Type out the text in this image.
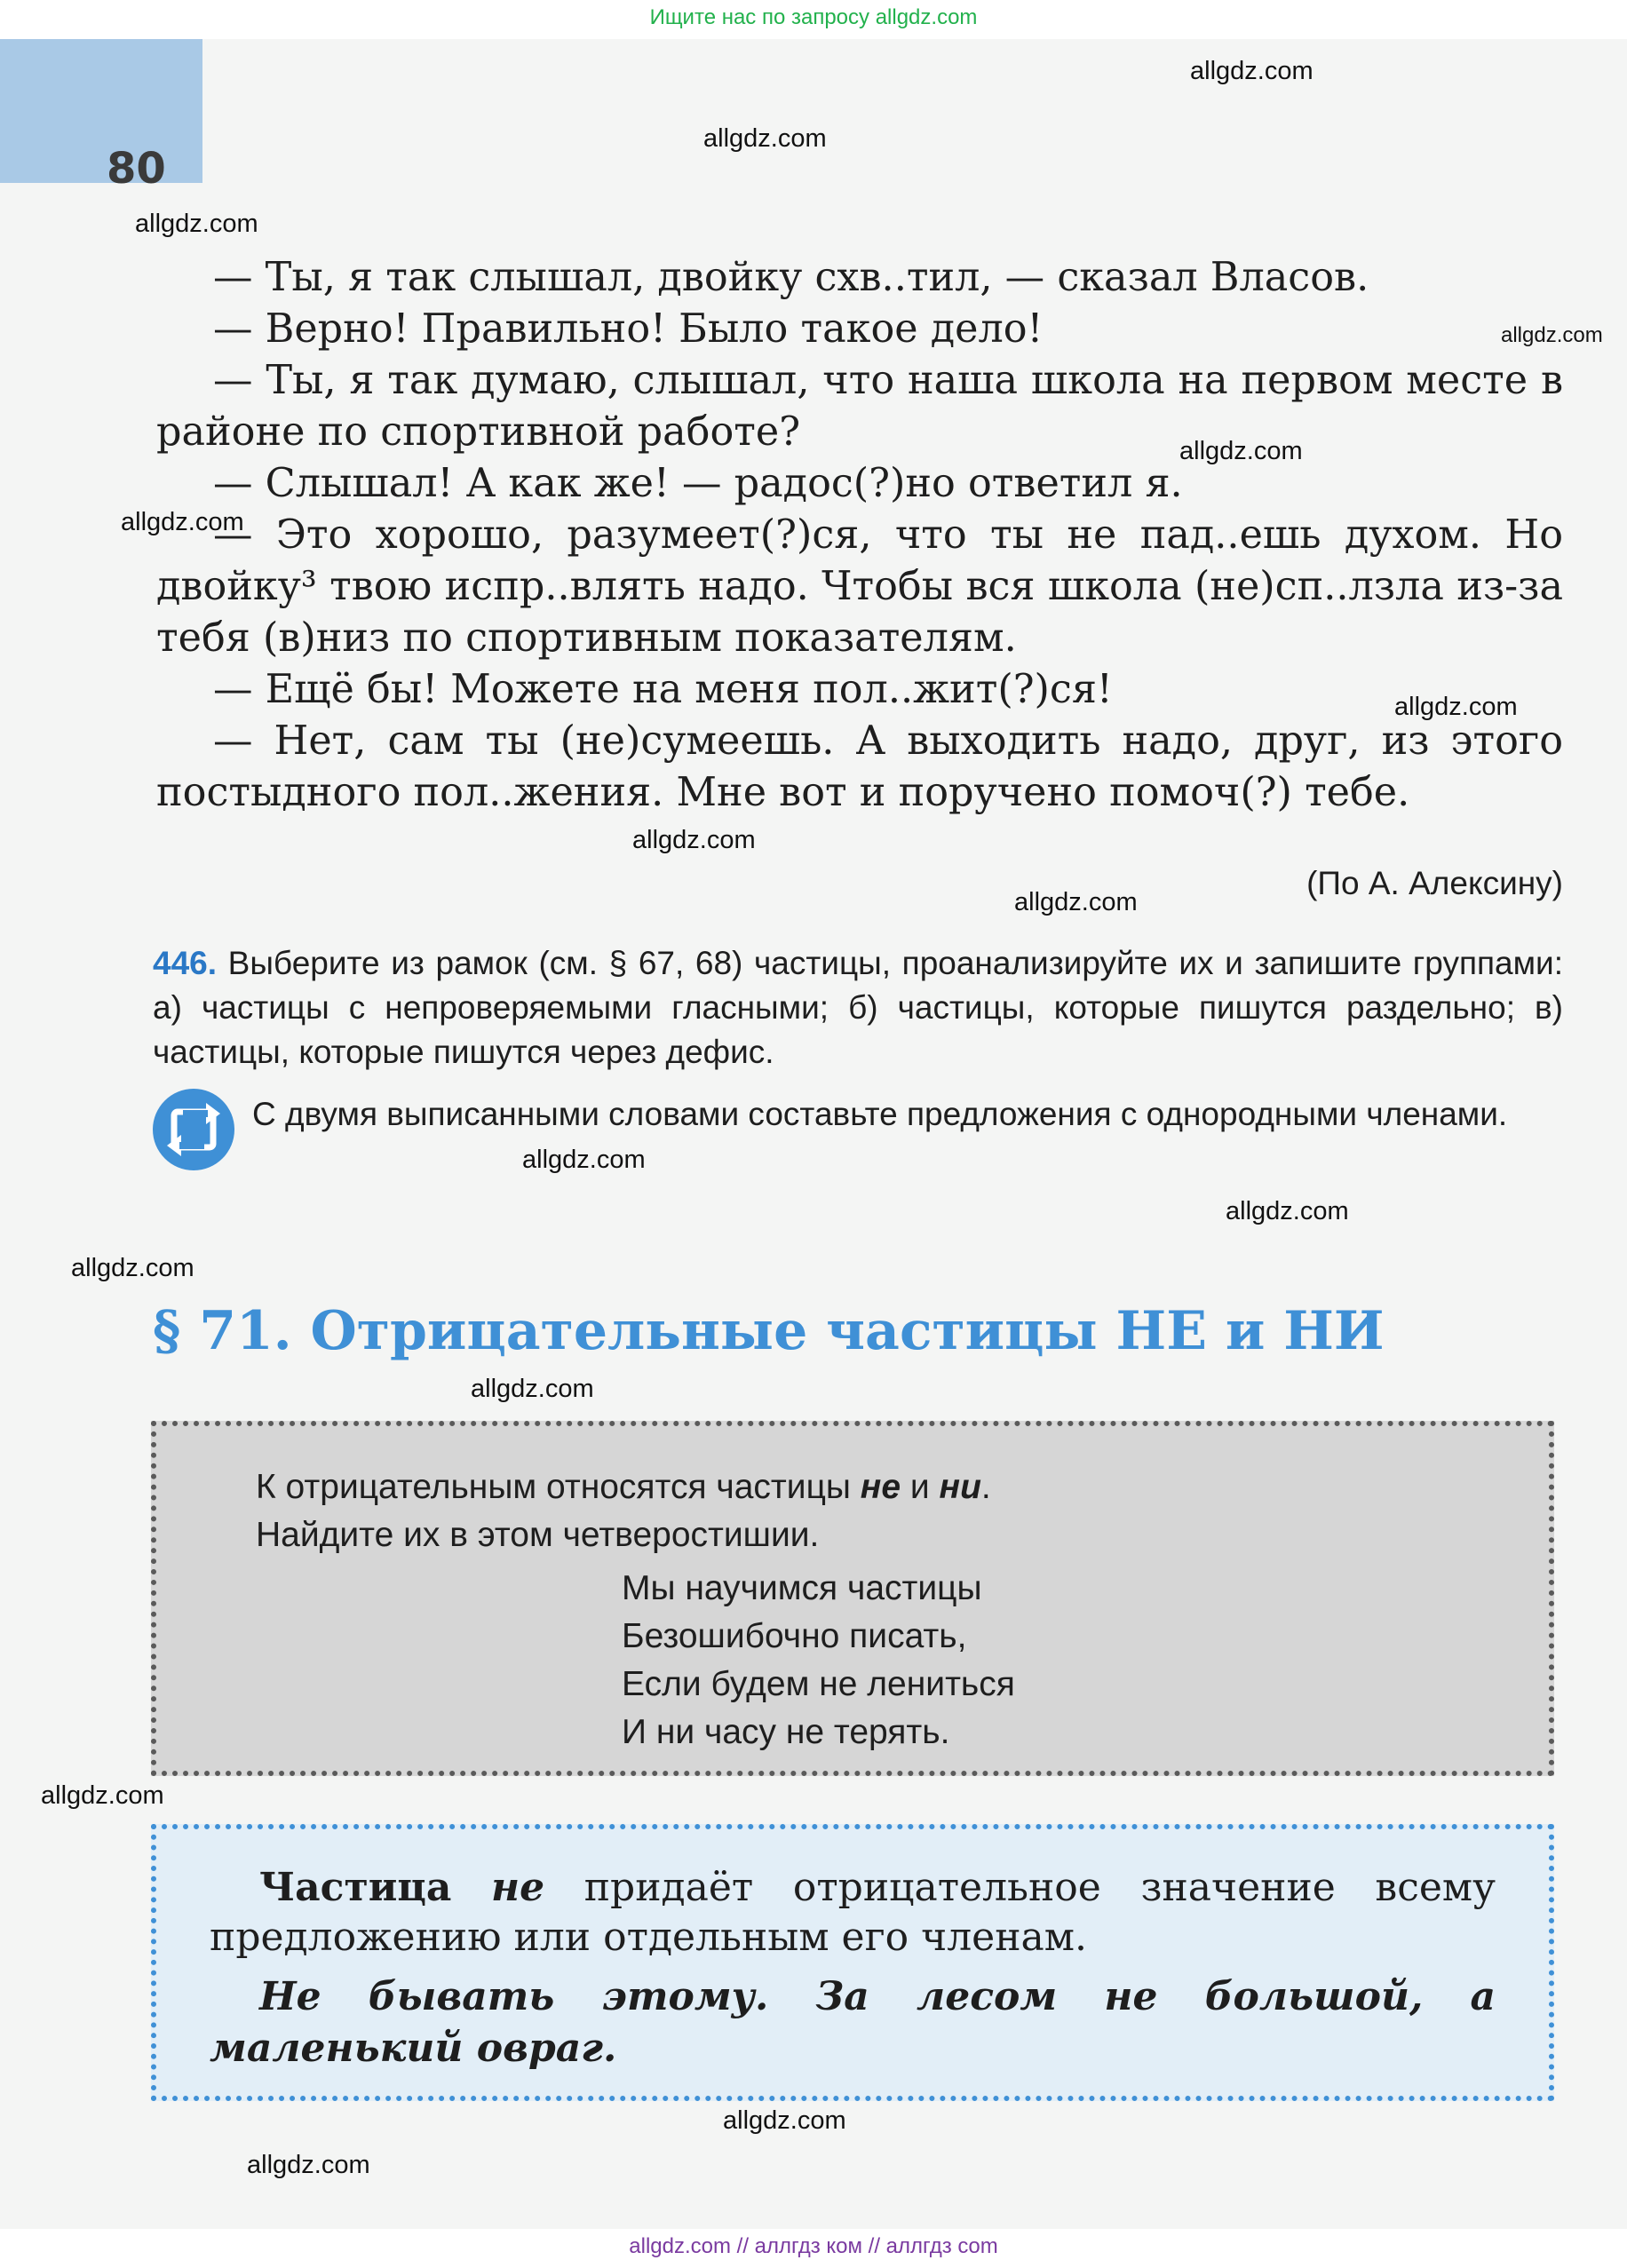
Ищите нас по запросу allgdz.com
80
allgdz.com
allgdz.com
allgdz.com
allgdz.com
allgdz.com
allgdz.com
allgdz.com
allgdz.com
allgdz.com
allgdz.com
allgdz.com
allgdz.com
allgdz.com
allgdz.com
allgdz.com
allgdz.com

— Ты, я так слышал, двойку схв..тил, — сказал Власов.

— Верно! Правильно! Было такое дело!

— Ты, я так думаю, слышал, что наша школа на первом месте в районе по спортивной работе?

— Слышал! А как же! — радос(?)но ответил я.

— Это хорошо, разумеет(?)ся, что ты не пад..ешь духом. Но двойку³ твою испр..влять надо. Чтобы вся школа (не)сп..лзла из-за тебя (в)низ по спортивным показателям.

— Ещё бы! Можете на меня пол..жит(?)ся!

— Нет, сам ты (не)сумеешь. А выходить надо, друг, из этого постыдного пол..жения. Мне вот и поручено помоч(?) тебе.

(По А. Алексину)
446. Выберите из рамок (см. § 67, 68) частицы, проанализируйте их и запишите группами: а) частицы с непроверяемыми гласными; б) частицы, которые пишутся раздельно; в) частицы, которые пишутся через дефис.
С двумя выписанными словами составьте предложения с однородными членами.
§ 71. Отрицательные частицы НЕ и НИ
К отрицательным относятся частицы не и ни.
Найдите их в этом четверостишии.
Мы научимся частицы
Безошибочно писать,
Если будем не лениться
И ни часу не терять.
Частица не придаёт отрицательное значение всему предложению или отдельным его членам.
Не бывать этому. За лесом не большой, а маленький овраг.
allgdz.com // аллгдз ком // аллгдз com
